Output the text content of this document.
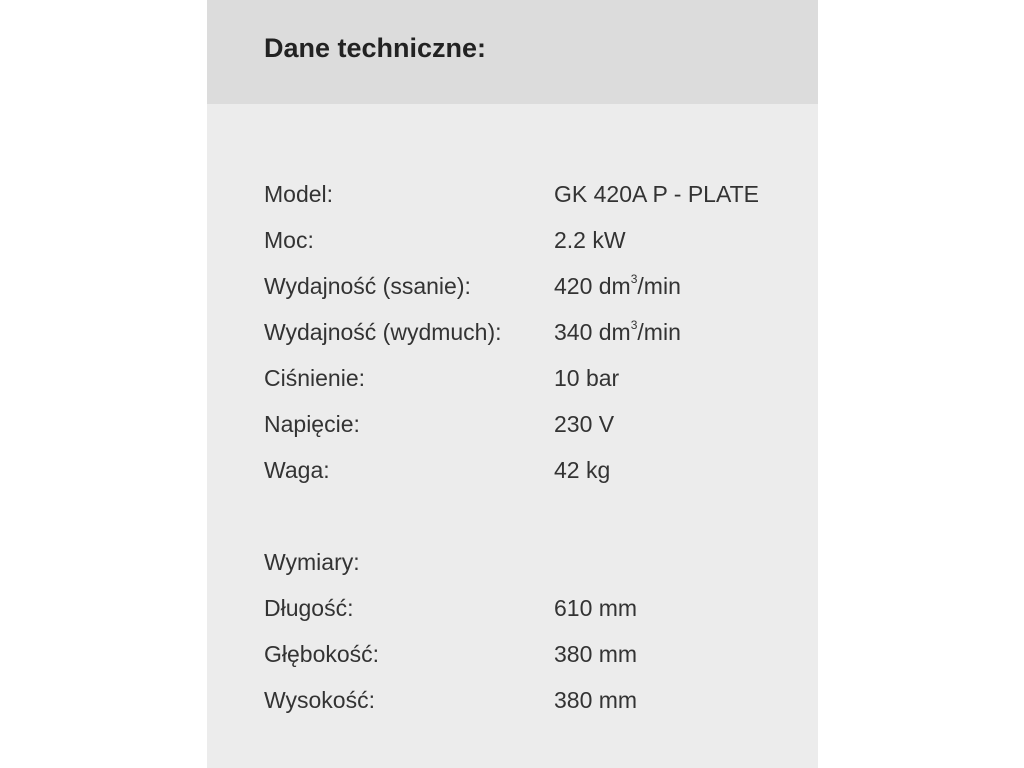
Dane techniczne:
Model:	GK 420A P - PLATE
Moc:	2.2 kW
Wydajność (ssanie):	420 $dm^3/\min$
Wydajność (wydmuch): 340 $dm^3/\min$
Ciśnienie:	10 bar
Napięcie:	230 V
Waga:	42 kg
Wymiary:
Długość:	610 mm
Głębokość:	380 mm
Wysokość:	380 mm
